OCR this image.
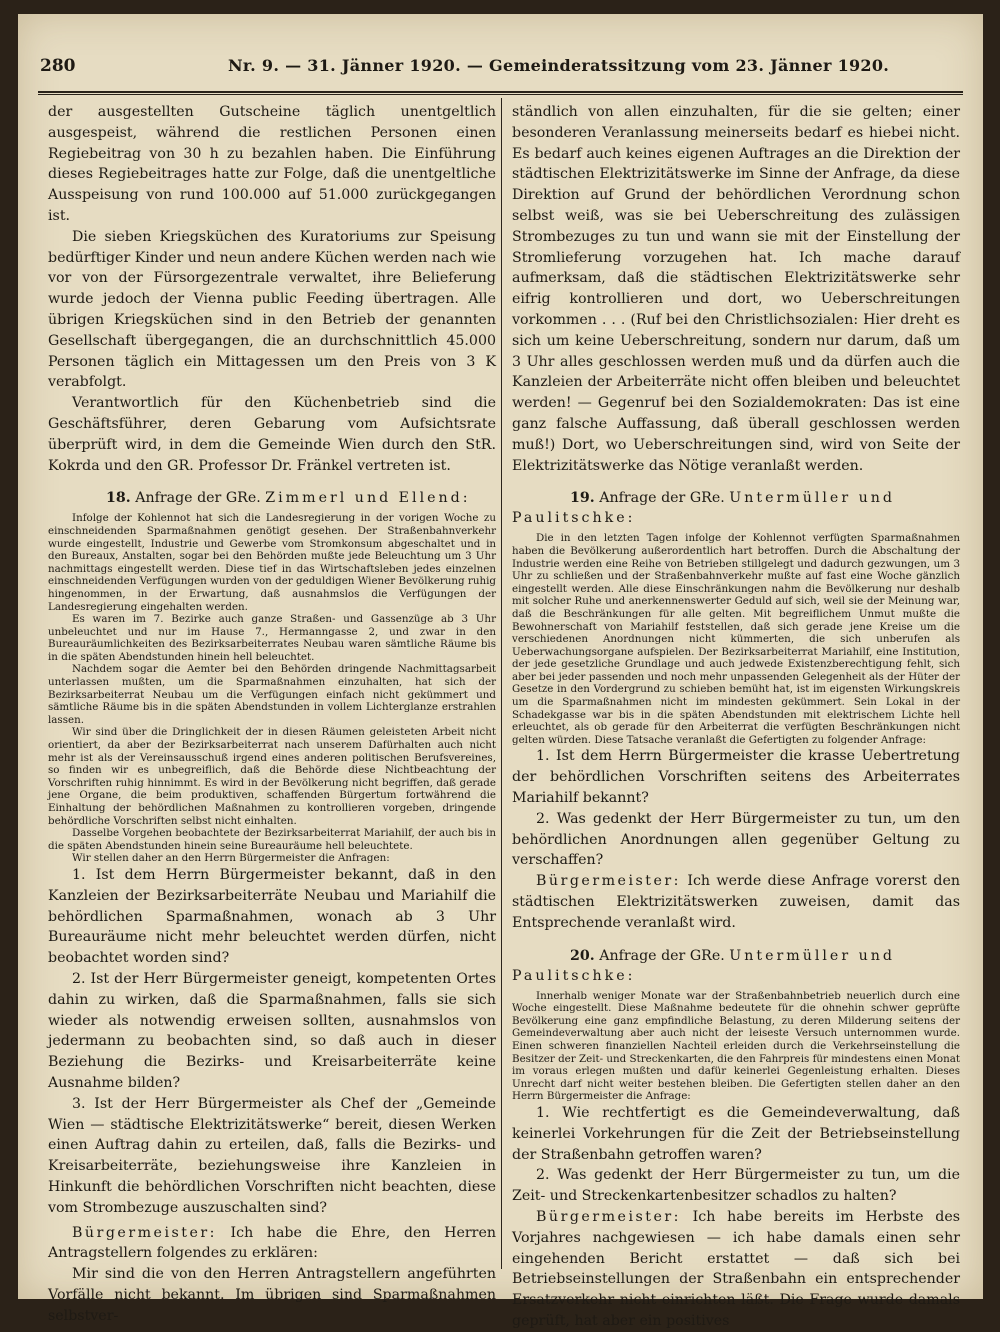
280	Nr. 9. — 31. Jänner 1920. — Gemeinderatssitzung vom 23. Jänner 1920.

der ausgestellten Gutscheine täglich unentgeltlich ausgespeist, während die restlichen Personen einen Regiebeitrag von 30 h zu bezahlen haben. Die Einführung dieses Regiebeitrages hatte zur Folge, daß die unentgeltliche Ausspeisung von rund 100.000 auf 51.000 zurückgegangen ist.

Die sieben Kriegsküchen des Kuratoriums zur Speisung bedürftiger Kinder und neun andere Küchen werden nach wie vor von der Fürsorgezentrale verwaltet, ihre Belieferung wurde jedoch der Vienna public Feeding übertragen. Alle übrigen Kriegsküchen sind in den Betrieb der genannten Gesellschaft übergegangen, die an durchschnittlich 45.000 Personen täglich ein Mittagessen um den Preis von 3 K verabfolgt.

Verantwortlich für den Küchenbetrieb sind die Geschäftsführer, deren Gebarung vom Aufsichtsrate überprüft wird, in dem die Gemeinde Wien durch den StR. Kokrda und den GR. Professor Dr. Fränkel vertreten ist.

18. Anfrage der GRe. Zimmerl und Ellend:

Infolge der Kohlennot hat sich die Landesregierung in der vorigen Woche zu einschneidenden Sparmaßnahmen genötigt gesehen. Der Straßenbahnverkehr wurde eingestellt, Industrie und Gewerbe vom Stromkonsum abgeschaltet und in den Bureaux, Anstalten, sogar bei den Behörden mußte jede Beleuchtung um 3 Uhr nachmittags eingestellt werden. Diese tief in das Wirtschaftsleben jedes einzelnen einschneidenden Verfügungen wurden von der geduldigen Wiener Bevölkerung ruhig hingenommen, in der Erwartung, daß ausnahmslos die Verfügungen der Landesregierung eingehalten werden.

Es waren im 7. Bezirke auch ganze Straßen- und Gassenzüge ab 3 Uhr unbeleuchtet und nur im Hause 7., Hermanngasse 2, und zwar in den Bureauräumlichkeiten des Bezirksarbeiterrates Neubau waren sämtliche Räume bis in die späten Abendstunden hinein hell beleuchtet.

Nachdem sogar die Aemter bei den Behörden dringende Nachmittagsarbeit unterlassen mußten, um die Sparmaßnahmen einzuhalten, hat sich der Bezirksarbeiterrat Neubau um die Verfügungen einfach nicht gekümmert und sämtliche Räume bis in die späten Abendstunden in vollem Lichterglanze erstrahlen lassen.

Wir sind über die Dringlichkeit der in diesen Räumen geleisteten Arbeit nicht orientiert, da aber der Bezirksarbeiterrat nach unserem Dafürhalten auch nicht mehr ist als der Vereinsausschuß irgend eines anderen politischen Berufsvereines, so finden wir es unbegreiflich, daß die Behörde diese Nichtbeachtung der Vorschriften ruhig hinnimmt. Es wird in der Bevölkerung nicht begriffen, daß gerade jene Organe, die beim produktiven, schaffenden Bürgertum fortwährend die Einhaltung der behördlichen Maßnahmen zu kontrollieren vorgeben, dringende behördliche Vorschriften selbst nicht einhalten.

Dasselbe Vorgehen beobachtete der Bezirksarbeiterrat Mariahilf, der auch bis in die späten Abendstunden hinein seine Bureauräume hell beleuchtete.

Wir stellen daher an den Herrn Bürgermeister die Anfragen:

1. Ist dem Herrn Bürgermeister bekannt, daß in den Kanzleien der Bezirksarbeiterräte Neubau und Mariahilf die behördlichen Sparmaßnahmen, wonach ab 3 Uhr Bureauräume nicht mehr beleuchtet werden dürfen, nicht beobachtet worden sind?

2. Ist der Herr Bürgermeister geneigt, kompetenten Ortes dahin zu wirken, daß die Sparmaßnahmen, falls sie sich wieder als notwendig erweisen sollten, ausnahmslos von jedermann zu beobachten sind, so daß auch in dieser Beziehung die Bezirks- und Kreisarbeiterräte keine Ausnahme bilden?

3. Ist der Herr Bürgermeister als Chef der „Gemeinde Wien — städtische Elektrizitätswerke“ bereit, diesen Werken einen Auftrag dahin zu erteilen, daß, falls die Bezirks- und Kreisarbeiterräte, beziehungsweise ihre Kanzleien in Hinkunft die behördlichen Vorschriften nicht beachten, diese vom Strombezuge auszuschalten sind?

Bürgermeister: Ich habe die Ehre, den Herren Antragstellern folgendes zu erklären:

Mir sind die von den Herren Antragstellern angeführten Vorfälle nicht bekannt. Im übrigen sind Sparmaßnahmen selbstver-

ständlich von allen einzuhalten, für die sie gelten; einer besonderen Veranlassung meinerseits bedarf es hiebei nicht. Es bedarf auch keines eigenen Auftrages an die Direktion der städtischen Elektrizitätswerke im Sinne der Anfrage, da diese Direktion auf Grund der behördlichen Verordnung schon selbst weiß, was sie bei Ueberschreitung des zulässigen Strombezuges zu tun und wann sie mit der Einstellung der Stromlieferung vorzugehen hat. Ich mache darauf aufmerksam, daß die städtischen Elektrizitätswerke sehr eifrig kontrollieren und dort, wo Ueberschreitungen vorkommen . . . (Ruf bei den Christlichsozialen: Hier dreht es sich um keine Ueberschreitung, sondern nur darum, daß um 3 Uhr alles geschlossen werden muß und da dürfen auch die Kanzleien der Arbeiterräte nicht offen bleiben und beleuchtet werden! — Gegenruf bei den Sozialdemokraten: Das ist eine ganz falsche Auffassung, daß überall geschlossen werden muß!) Dort, wo Ueberschreitungen sind, wird von Seite der Elektrizitätswerke das Nötige veranlaßt werden.

19. Anfrage der GRe. Untermüller und Paulitschke:

Die in den letzten Tagen infolge der Kohlennot verfügten Sparmaßnahmen haben die Bevölkerung außerordentlich hart betroffen. Durch die Abschaltung der Industrie werden eine Reihe von Betrieben stillgelegt und dadurch gezwungen, um 3 Uhr zu schließen und der Straßenbahnverkehr mußte auf fast eine Woche gänzlich eingestellt werden. Alle diese Einschränkungen nahm die Bevölkerung nur deshalb mit solcher Ruhe und anerkennenswerter Geduld auf sich, weil sie der Meinung war, daß die Beschränkungen für alle gelten. Mit begreiflichem Unmut mußte die Bewohnerschaft von Mariahilf feststellen, daß sich gerade jene Kreise um die verschiedenen Anordnungen nicht kümmerten, die sich unberufen als Ueberwachungsorgane aufspielen. Der Bezirksarbeiterrat Mariahilf, eine Institution, der jede gesetzliche Grundlage und auch jedwede Existenzberechtigung fehlt, sich aber bei jeder passenden und noch mehr unpassenden Gelegenheit als der Hüter der Gesetze in den Vordergrund zu schieben bemüht hat, ist im eigensten Wirkungskreis um die Sparmaßnahmen nicht im mindesten gekümmert. Sein Lokal in der Schadekgasse war bis in die späten Abendstunden mit elektrischem Lichte hell erleuchtet, als ob gerade für den Arbeiterrat die verfügten Beschränkungen nicht gelten würden. Diese Tatsache veranlaßt die Gefertigten zu folgender Anfrage:

1. Ist dem Herrn Bürgermeister die krasse Uebertretung der behördlichen Vorschriften seitens des Arbeiterrates Mariahilf bekannt?

2. Was gedenkt der Herr Bürgermeister zu tun, um den behördlichen Anordnungen allen gegenüber Geltung zu verschaffen?

Bürgermeister: Ich werde diese Anfrage vorerst den städtischen Elektrizitätswerken zuweisen, damit das Entsprechende veranlaßt wird.

20. Anfrage der GRe. Untermüller und Paulitschke:

Innerhalb weniger Monate war der Straßenbahnbetrieb neuerlich durch eine Woche eingestellt. Diese Maßnahme bedeutete für die ohnehin schwer geprüfte Bevölkerung eine ganz empfindliche Belastung, zu deren Milderung seitens der Gemeindeverwaltung aber auch nicht der leiseste Versuch unternommen wurde. Einen schweren finanziellen Nachteil erleiden durch die Verkehrseinstellung die Besitzer der Zeit- und Streckenkarten, die den Fahrpreis für mindestens einen Monat im voraus erlegen mußten und dafür keinerlei Gegenleistung erhalten. Dieses Unrecht darf nicht weiter bestehen bleiben. Die Gefertigten stellen daher an den Herrn Bürgermeister die Anfrage:

1. Wie rechtfertigt es die Gemeindeverwaltung, daß keinerlei Vorkehrungen für die Zeit der Betriebseinstellung der Straßenbahn getroffen waren?

2. Was gedenkt der Herr Bürgermeister zu tun, um die Zeit- und Streckenkartenbesitzer schadlos zu halten?

Bürgermeister: Ich habe bereits im Herbste des Vorjahres nachgewiesen — ich habe damals einen sehr eingehenden Bericht erstattet — daß sich bei Betriebseinstellungen der Straßenbahn ein entsprechender Ersatzverkehr nicht einrichten läßt. Die Frage wurde damals geprüft, hat aber ein positives
